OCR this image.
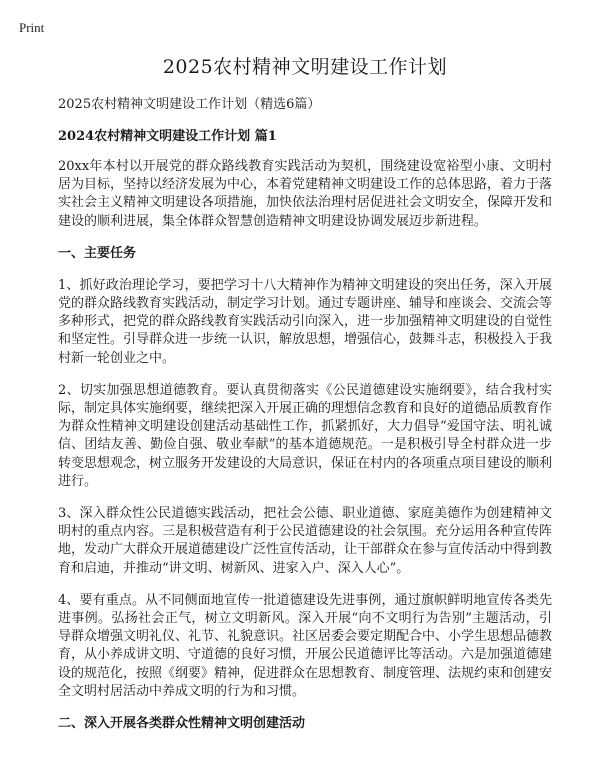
Print
2025农村精神文明建设工作计划

2025农村精神文明建设工作计划（精选6篇）

2024农村精神文明建设工作计划 篇1

20xx年本村以开展党的群众路线教育实践活动为契机，围绕建设宽裕型小康、文明村居为目标，坚持以经济发展为中心，本着党建精神文明建设工作的总体思路，着力于落实社会主义精神文明建设各项措施，加快依法治理村居促进社会文明安全，保障开发和建设的顺利进展，集全体群众智慧创造精神文明建设协调发展迈步新进程。

一、主要任务

1、抓好政治理论学习，要把学习十八大精神作为精神文明建设的突出任务，深入开展党的群众路线教育实践活动，制定学习计划。通过专题讲座、辅导和座谈会、交流会等多种形式，把党的群众路线教育实践活动引向深入，进一步加强精神文明建设的自觉性和坚定性。引导群众进一步统一认识，解放思想，增强信心，鼓舞斗志，积极投入于我村新一轮创业之中。

2、切实加强思想道德教育。要认真贯彻落实《公民道德建设实施纲要》，结合我村实际，制定具体实施纲要，继续把深入开展正确的理想信念教育和良好的道德品质教育作为群众性精神文明建设创建活动基础性工作，抓紧抓好，大力倡导“爱国守法、明礼诚信、团结友善、勤俭自强、敬业奉献”的基本道德规范。一是积极引导全村群众进一步转变思想观念，树立服务开发建设的大局意识，保证在村内的各项重点项目建设的顺利进行。

3、深入群众性公民道德实践活动，把社会公德、职业道德、家庭美德作为创建精神文明村的重点内容。三是积极营造有利于公民道德建设的社会氛围。充分运用各种宣传阵地，发动广大群众开展道德建设广泛性宣传活动，让干部群众在参与宣传活动中得到教育和启迪，并推动“讲文明、树新风、进家入户、深入人心”。

4、要有重点。从不同侧面地宣传一批道德建设先进事例，通过旗帜鲜明地宣传各类先进事例。弘扬社会正气，树立文明新风。深入开展“向不文明行为告别”主题活动，引导群众增强文明礼仪、礼节、礼貌意识。社区居委会要定期配合中、小学生思想品德教育，从小养成讲文明、守道德的良好习惯，开展公民道德评比等活动。六是加强道德建设的规范化，按照《纲要》精神，促进群众在思想教育、制度管理、法规约束和创建安全文明村居活动中养成文明的行为和习惯。

二、深入开展各类群众性精神文明创建活动
